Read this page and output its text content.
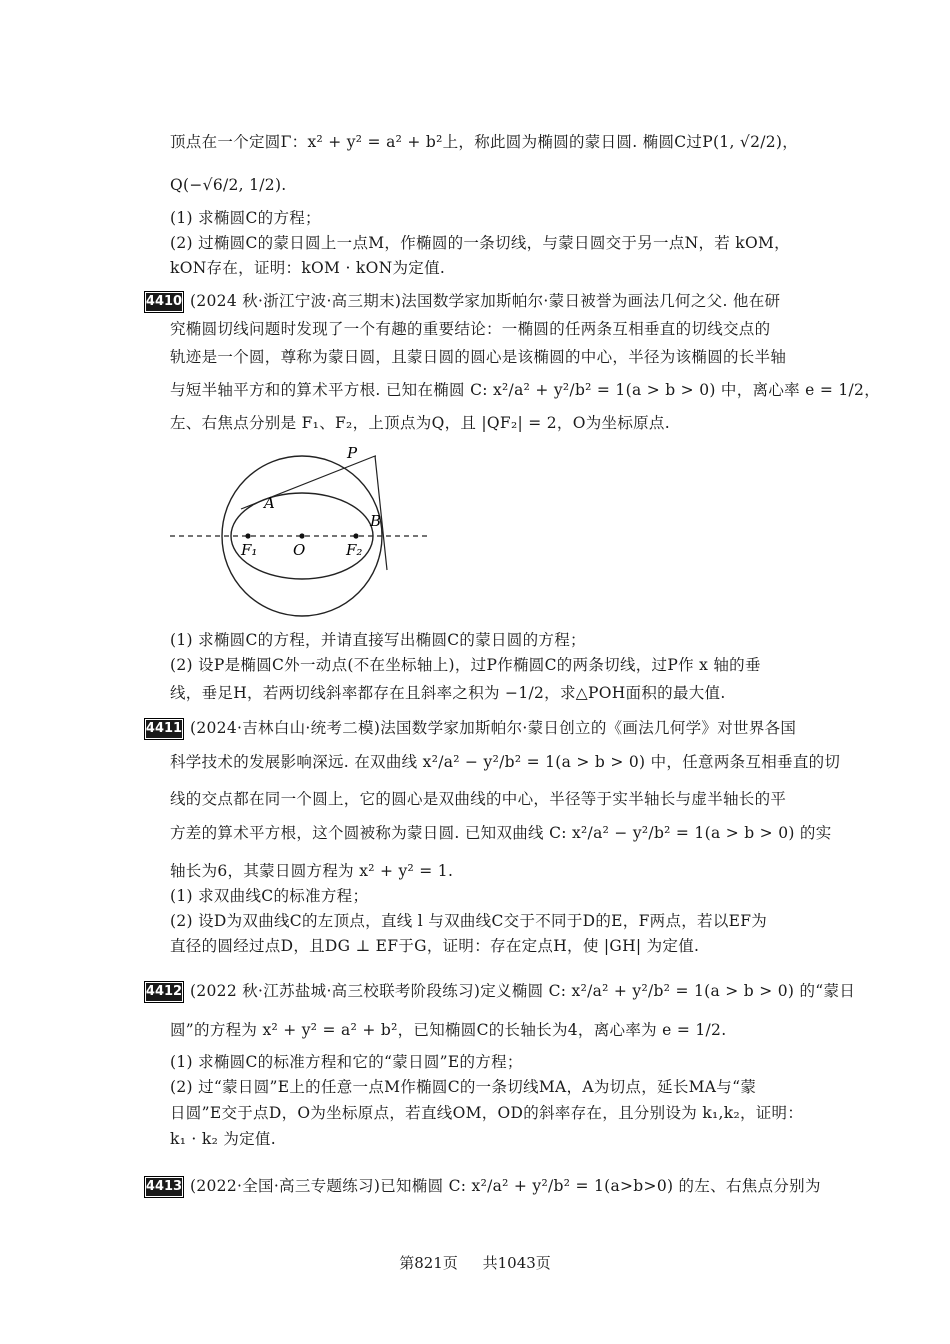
顶点在一个定圆Γ：x² + y² = a² + b²上，称此圆为椭圆的蒙日圆. 椭圆C过P(1, √2/2)，
Q(−√6/2, 1/2).
(1) 求椭圆C的方程；
(2) 过椭圆C的蒙日圆上一点M，作椭圆的一条切线，与蒙日圆交于另一点N，若 kOM，
kON存在，证明：kOM · kON为定值.
4410 (2024 秋·浙江宁波·高三期末)法国数学家加斯帕尔·蒙日被誉为画法几何之父. 他在研
究椭圆切线问题时发现了一个有趣的重要结论：一椭圆的任两条互相垂直的切线交点的
轨迹是一个圆，尊称为蒙日圆，且蒙日圆的圆心是该椭圆的中心，半径为该椭圆的长半轴
与短半轴平方和的算术平方根. 已知在椭圆 C: x²/a² + y²/b² = 1(a > b > 0) 中，离心率 e = 1/2，
左、右焦点分别是 F₁、F₂，上顶点为Q，且 |QF₂| = 2，O为坐标原点.
P
A
B
F₁ O	F₂
(1) 求椭圆C的方程，并请直接写出椭圆C的蒙日圆的方程；
(2) 设P是椭圆C外一动点(不在坐标轴上)，过P作椭圆C的两条切线，过P作 x 轴的垂
线，垂足H，若两切线斜率都存在且斜率之积为 −1/2，求△POH面积的最大值.
4411 (2024·吉林白山·统考二模)法国数学家加斯帕尔·蒙日创立的《画法几何学》对世界各国
科学技术的发展影响深远. 在双曲线 x²/a² − y²/b² = 1(a > b > 0) 中，任意两条互相垂直的切
线的交点都在同一个圆上，它的圆心是双曲线的中心，半径等于实半轴长与虚半轴长的平
方差的算术平方根，这个圆被称为蒙日圆. 已知双曲线 C: x²/a² − y²/b² = 1(a > b > 0) 的实
轴长为6，其蒙日圆方程为 x² + y² = 1.
(1) 求双曲线C的标准方程；
(2) 设D为双曲线C的左顶点，直线 l 与双曲线C交于不同于D的E，F两点，若以EF为
直径的圆经过点D，且DG ⊥ EF于G，证明：存在定点H，使 |GH| 为定值.
4412 (2022 秋·江苏盐城·高三校联考阶段练习)定义椭圆 C: x²/a² + y²/b² = 1(a > b > 0) 的“蒙日
圆”的方程为 x² + y² = a² + b²，已知椭圆C的长轴长为4，离心率为 e = 1/2.
(1) 求椭圆C的标准方程和它的“蒙日圆”E的方程；
(2) 过“蒙日圆”E上的任意一点M作椭圆C的一条切线MA，A为切点，延长MA与“蒙
日圆”E交于点D，O为坐标原点，若直线OM，OD的斜率存在，且分别设为 k₁,k₂，证明：
k₁ · k₂ 为定值.
4413 (2022·全国·高三专题练习)已知椭圆 C: x²/a² + y²/b² = 1(a>b>0) 的左、右焦点分别为
第821页 共1043页
